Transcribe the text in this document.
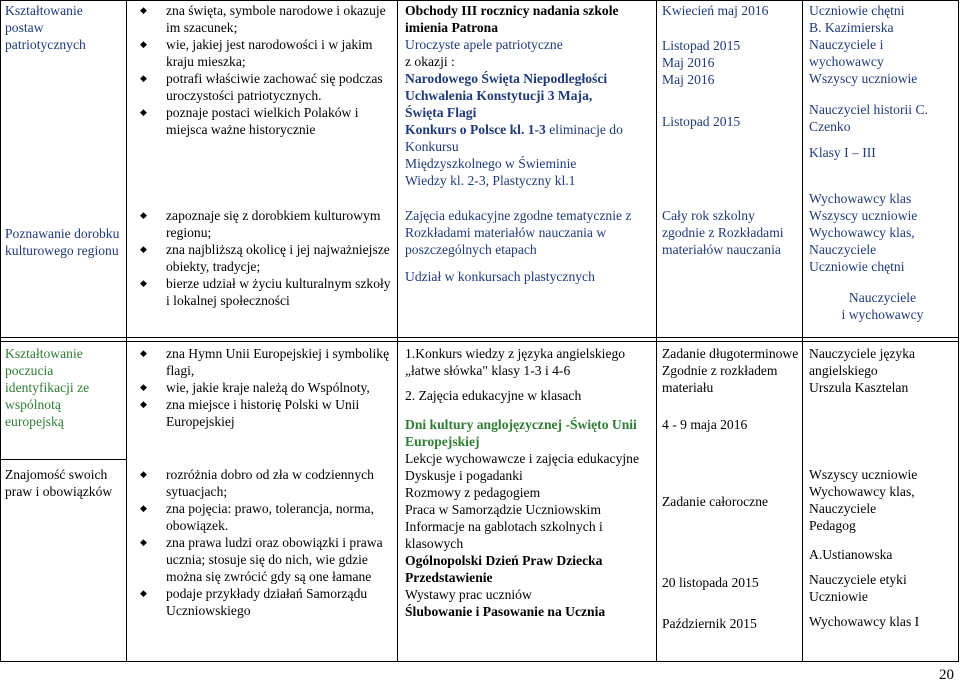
Kształtowanie postaw patriotycznych
Poznawanie dorobku kulturowego regionu
◆ zna święta, symbole narodowe i okazuje im szacunek;
◆ wie, jakiej jest narodowości i w jakim kraju mieszka;
◆ potrafi właściwie zachować się podczas uroczystości patriotycznych.
◆ poznaje postaci wielkich Polaków i miejsca ważne historycznie
◆ zapoznaje się z dorobkiem kulturowym regionu;
◆ zna najbliższą okolicę i jej najważniejsze obiekty, tradycje;
◆ bierze udział w życiu kulturalnym szkoły i lokalnej społeczności
Obchody III rocznicy nadania szkole imienia Patrona
Uroczyste apele patriotyczne
z okazji :
Narodowego Święta Niepodległości
Uchwalenia Konstytucji 3 Maja,
Święta Flagi
Konkurs o Polsce kl. 1-3 eliminacje do Konkursu
Międzyszkolnego w Świeminie
Wiedzy kl. 2-3, Plastyczny kl.1
Zajęcia edukacyjne zgodne tematycznie z Rozkładami materiałów nauczania w poszczególnych etapach
Udział w konkursach plastycznych
Kwiecień maj 2016
Listopad 2015
Maj 2016
Maj 2016
Listopad 2015
Cały rok szkolny zgodnie z Rozkładami materiałów nauczania
Uczniowie chętni
B. Kazimierska
Nauczyciele i wychowawcy
Wszyscy uczniowie
Nauczyciel historii C. Czenko
Klasy I – III
Wychowawcy klas
Wszyscy uczniowie
Wychowawcy klas,
Nauczyciele
Uczniowie chętni
Nauczyciele
i wychowawcy
Kształtowanie poczucia identyfikacji ze wspólnotą europejską
Znajomość swoich praw i obowiązków
◆ zna Hymn Unii Europejskiej i symbolikę flagi,
◆ wie, jakie kraje należą do Wspólnoty,
◆ zna miejsce i historię Polski w Unii Europejskiej
◆ rozróżnia dobro od zła w codziennych sytuacjach;
◆ zna pojęcia: prawo, tolerancja, norma, obowiązek.
◆ zna prawa ludzi oraz obowiązki i prawa ucznia; stosuje się do nich, wie gdzie można się zwrócić gdy są one łamane
◆ podaje przykłady działań Samorządu Uczniowskiego
1.Konkurs wiedzy z języka angielskiego „łatwe słówka" klasy 1-3 i 4-6
2. Zajęcia edukacyjne w klasach
Dni kultury anglojęzycznej -Święto Unii Europejskiej
Lekcje wychowawcze i zajęcia edukacyjne
Dyskusje i pogadanki
Rozmowy z pedagogiem
Praca w Samorządzie Uczniowskim
Informacje na gablotach szkolnych i klasowych
Ogólnopolski Dzień Praw Dziecka
Przedstawienie
Wystawy prac uczniów
Ślubowanie i Pasowanie na Ucznia
Zadanie długoterminowe
Zgodnie z rozkładem materiału
4 - 9 maja 2016
Zadanie całoroczne
20 listopada 2015
Październik 2015
Nauczyciele języka angielskiego
Urszula Kasztelan
Wszyscy uczniowie
Wychowawcy klas,
Nauczyciele
Pedagog
A.Ustianowska
Nauczyciele etyki
Uczniowie
Wychowawcy klas I
20
